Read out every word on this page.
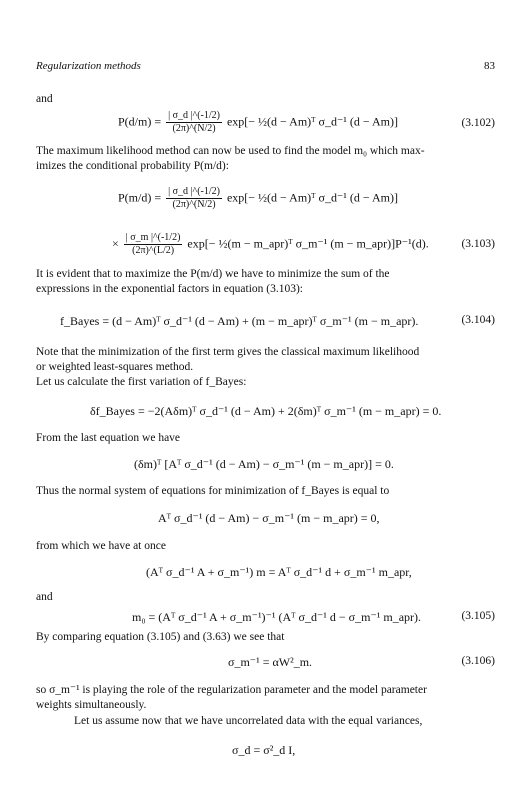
Regularization methods	83
and
$P(d/m) = \frac{| \sigma\_d |\^{}(-1/2)}{(2\pi)\^{}(N/2)} \exp[-$ ½(d − Am)ᵀ σ_d⁻¹ (d − Am)]	(3.102)
The maximum likelihood method can now be used to find the model m₀ which max-
imizes the conditional probability P(m/d):
$P(m/d) = \frac{| \sigma\_d |\^{}(-1/2)}{(2\pi)\^{}(N/2)} \exp[-$ ½(d − Am)ᵀ σ_d⁻¹ (d − Am)]
× $\frac{| \sigma\_m |\^{}(-1/2)}{(2\pi)\^{}(L/2)} \exp[-$ ½(m − m_apr)ᵀ σ_m⁻¹ (m − m_apr)]P⁻¹(d).	(3.103)
It is evident that to maximize the P(m/d) we have to minimize the sum of the
expressions in the exponential factors in equation (3.103):
f_Bayes = (d − Am)ᵀ σ_d⁻¹ (d − Am) + (m − m_apr)ᵀ σ_m⁻¹ (m − m_apr).	(3.104)
Note that the minimization of the first term gives the classical maximum likelihood
or weighted least-squares method.
Let us calculate the first variation of f_Bayes:
δf_Bayes = −2(Aδm)ᵀ σ_d⁻¹ (d − Am) + 2(δm)ᵀ σ_m⁻¹ (m − m_apr) = 0.
From the last equation we have
(δm)ᵀ [Aᵀ σ_d⁻¹ (d − Am) − σ_m⁻¹ (m − m_apr)] = 0.
Thus the normal system of equations for minimization of f_Bayes is equal to
Aᵀ σ_d⁻¹ (d − Am) − σ_m⁻¹ (m − m_apr) = 0,
from which we have at once
(Aᵀ σ_d⁻¹ A + σ_m⁻¹) m = Aᵀ σ_d⁻¹ d + σ_m⁻¹ m_apr,
and
m₀ = (Aᵀ σ_d⁻¹ A + σ_m⁻¹)⁻¹ (Aᵀ σ_d⁻¹ d − σ_m⁻¹ m_apr).	(3.105)
By comparing equation (3.105) and (3.63) we see that
σ_m⁻¹ = αW²_m.	(3.106)
so σ_m⁻¹ is playing the role of the regularization parameter and the model parameter
weights simultaneously.
Let us assume now that we have uncorrelated data with the equal variances,
σ_d = σ²_d I,
